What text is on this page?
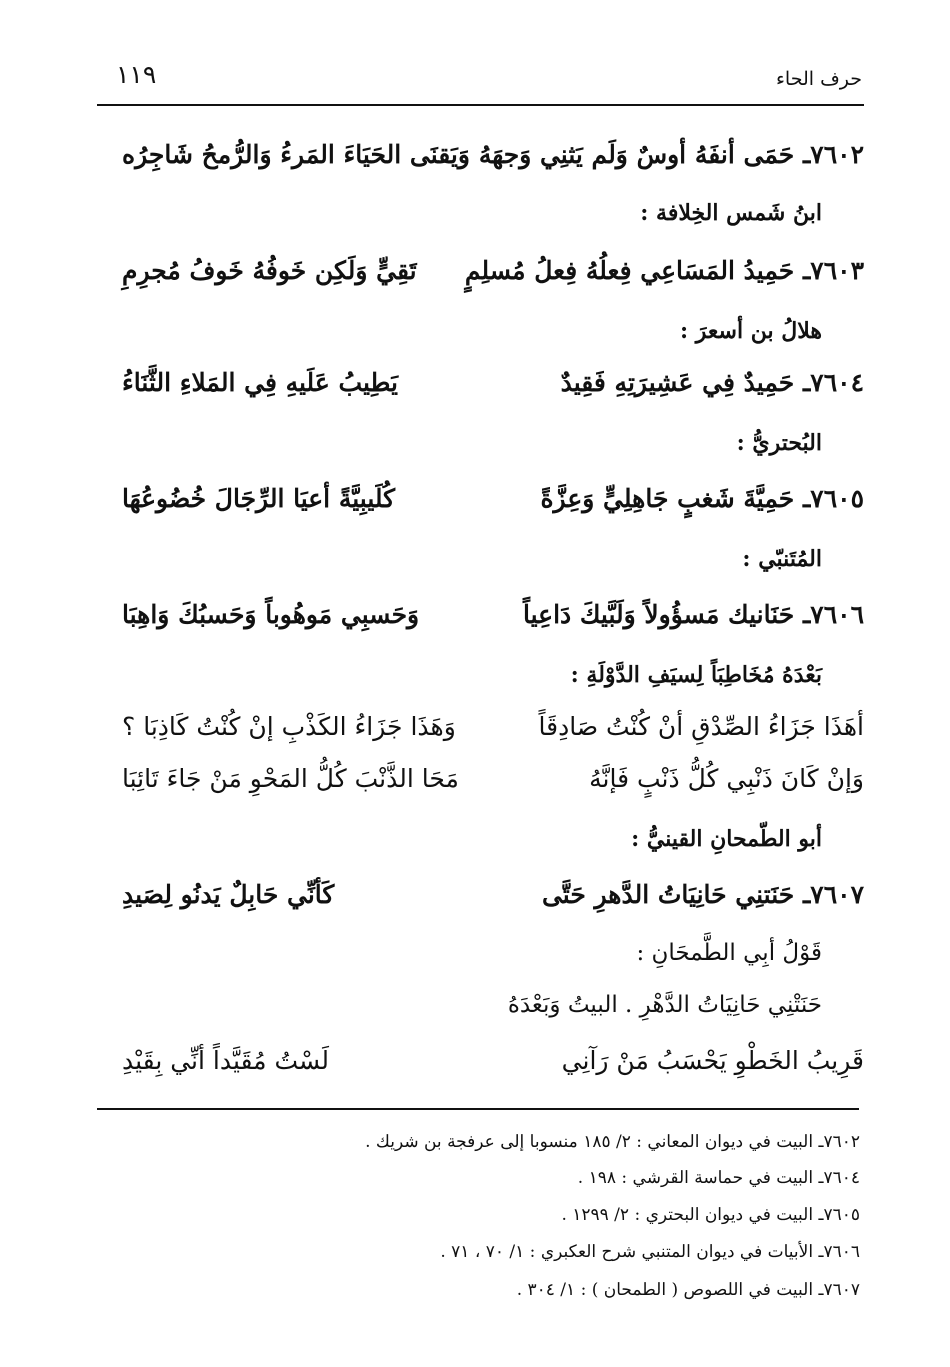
حرف الحاء
١١٩
٧٦٠٢ـ حَمَى أنفَهُ أوسٌ وَلَم يَثنِي وَجهَهُ
وَيَقنَى الحَيَاءَ المَرءُ وَالرُّمحُ شَاجِرُه
ابنُ شَمس الخِلافة :
٧٦٠٣ـ حَمِيدُ المَسَاعِي فِعلُهُ فِعلُ مُسلِمٍ
تَقِيٍّ وَلَكِن خَوفُهُ خَوفُ مُجرِمِ
هلالُ بن أسعرَ :
٧٦٠٤ـ حَمِيدٌ فِي عَشِيرَتِهِ فَقِيدٌ
يَطِيبُ عَلَيهِ فِي المَلاءِ الثَّنَاءُ
البُحتريُّ :
٧٦٠٥ـ حَمِيَّةَ شَغبٍ جَاهِلِيٍّ وَعِزَّةً
كُلَيبِيَّةً أعيَا الرِّجَالَ خُضُوعُهَا
المُتَنبّي :
٧٦٠٦ـ حَنَانيك مَسؤُولاً وَلَبَّيكَ دَاعِياً
وَحَسبِي مَوهُوباً وَحَسبُكَ وَاهِبَا
بَعْدَهُ مُخَاطِبَاً لِسيَفِ الدَّوْلَةِ :
أهَذَا جَزَاءُ الصِّدْقِ أنْ كُنْتُ صَادِقَاً
وَهَذَا جَزَاءُ الكَذْبِ إنْ كُنْتُ كَاذِبَا ؟
وَإنْ كَانَ ذَنْبِي كُلُّ ذَنْبٍ فَإنَّهُ
مَحَا الذَّنْبَ كُلُّ المَحْوِ مَنْ جَاءَ تَائِبَا
أبو الطّمحانِ القينيُّ :
٧٦٠٧ـ حَنَتنِي حَانِيَاتُ الدَّهرِ حَتَّى
كَأنِّي حَابِلٌ يَدنُو لِصَيدِ
قَوْلُ أبِي الطَّمحَانِ :
حَنَتْنِي حَانِيَاتُ الدَّهْرِ . البيتُ وَبَعْدَهُ
قَرِيبُ الخَطْوِ يَحْسَبُ مَنْ رَآنِي
لَسْتُ مُقَيَّداً أنِّي بِقَيْدِ
٧٦٠٢ـ البيت في ديوان المعاني : ٢/ ١٨٥ منسوبا إلى عرفجة بن شريك .
٧٦٠٤ـ البيت في حماسة القرشي : ١٩٨ .
٧٦٠٥ـ البيت في ديوان البحتري : ٢/ ١٢٩٩ .
٧٦٠٦ـ الأبيات في ديوان المتنبي شرح العكبري : ١/ ٧٠ ، ٧١ .
٧٦٠٧ـ البيت في اللصوص ( الطمحان ) : ١/ ٣٠٤ .
